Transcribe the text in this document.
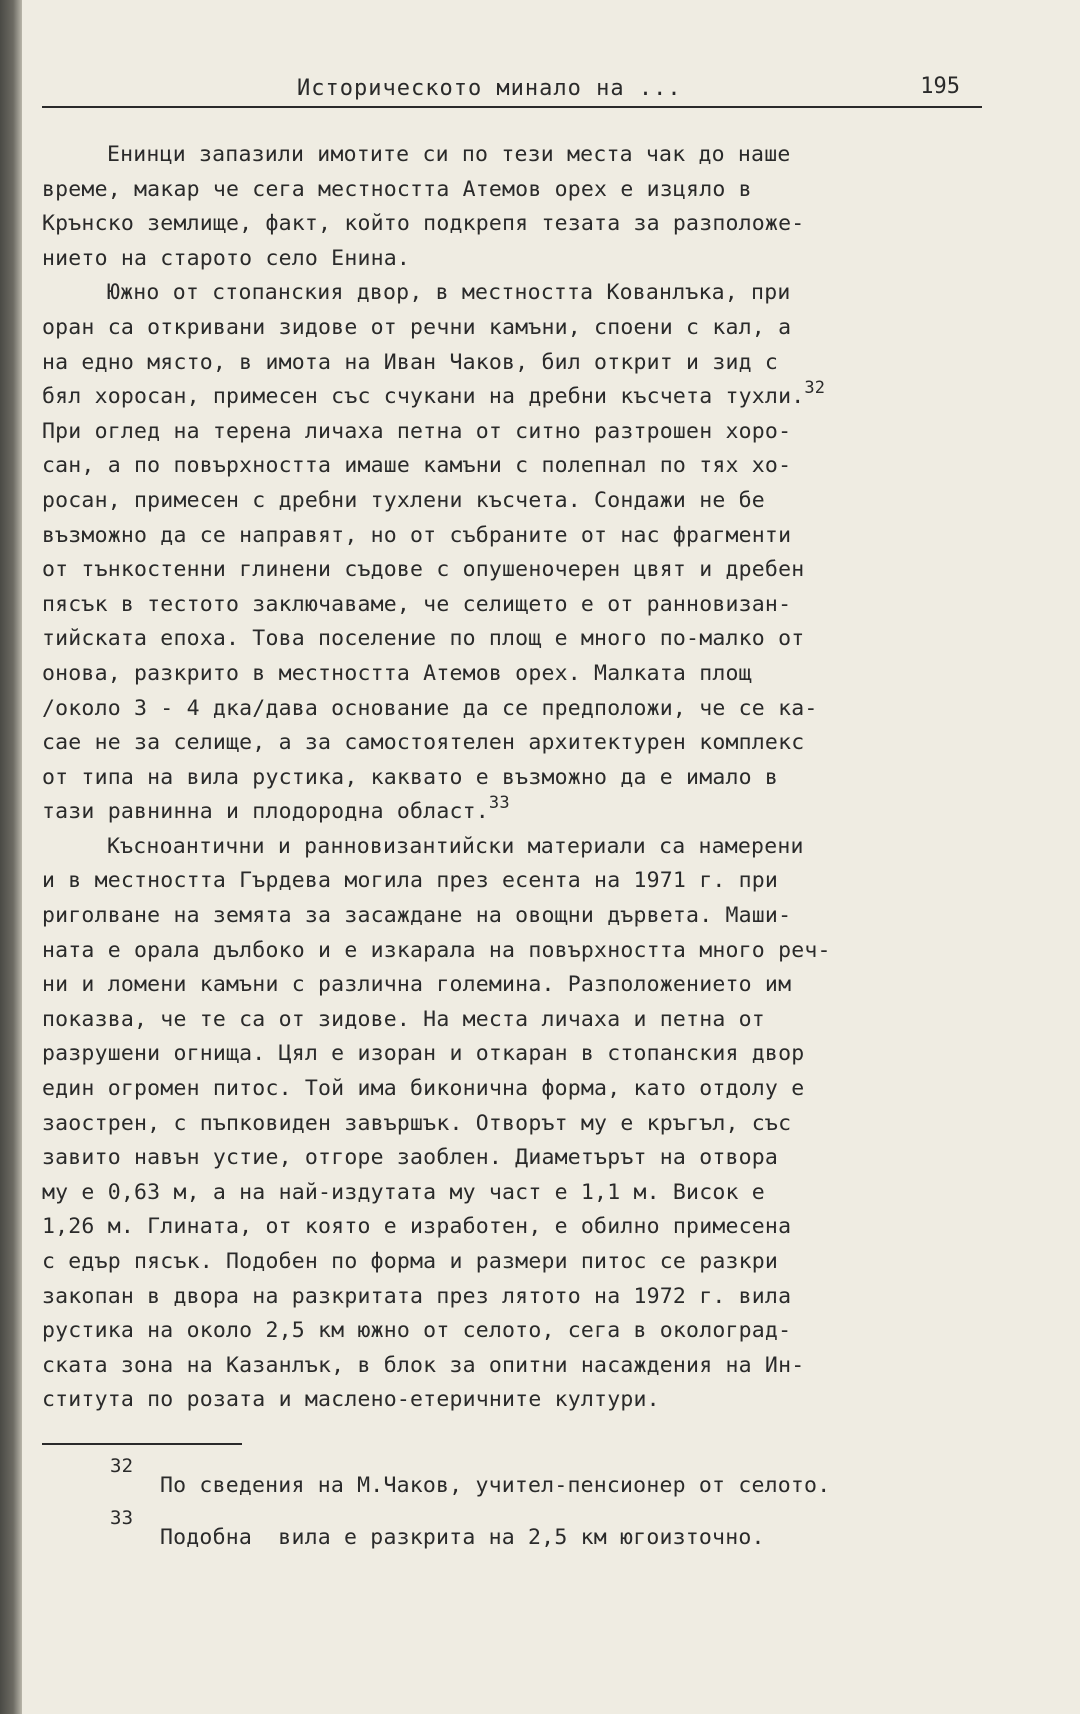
Историческото минало на ...	195
Енинци запазили имотите си по тези места чак до наше
време, макар че сега местността Атемов орех е изцяло в
Крънско землище, факт, който подкрепя тезата за разположе-
нието на старото село Енина.
Южно от стопанския двор, в местността Кованлъка, при
оран са откривани зидове от речни камъни, споени с кал, а
на едно място, в имота на Иван Чаков, бил открит и зид с
бял хоросан, примесен със счукани на дребни късчета тухли.$^{32}$
При оглед на терена личаха петна от ситно разтрошен хоро-
сан, а по повърхността имаше камъни с полепнал по тях хо-
росан, примесен с дребни тухлени късчета. Сондажи не бе
възможно да се направят, но от събраните от нас фрагменти
от тънкостенни глинени съдове с опушеночерен цвят и дребен
пясък в тестото заключаваме, че селището е от ранновизан-
тийската епоха. Това поселение по площ е много по-малко от
онова, разкрито в местността Атемов орех. Малката площ
/около 3 - 4 дка/дава основание да се предположи, че се ка-
сае не за селище, а за самостоятелен архитектурен комплекс
от типа на вила рустика, каквато е възможно да е имало в
тази равнинна и плодородна област.$^{33}$
Късноантични и ранновизантийски материали са намерени
и в местността Гърдева могила през есента на 1971 г. при
риголване на земята за засаждане на овощни дървета. Маши-
ната е орала дълбоко и е изкарала на повърхността много реч-
ни и ломени камъни с различна големина. Разположението им
показва, че те са от зидове. На места личаха и петна от
разрушени огнища. Цял е изоран и откаран в стопанския двор
един огромен питос. Той има биконична форма, като отдолу е
заострен, с пъпковиден завършък. Отворът му е кръгъл, със
завито навън устие, отгоре заоблен. Диаметърът на отвора
му е 0,63 м, а на най-издутата му част е 1,1 м. Висок е
1,26 м. Глината, от която е изработен, е обилно примесена
с едър пясък. Подобен по форма и размери питос се разкри
закопан в двора на разкритата през лятото на 1972 г. вила
рустика на около 2,5 км южно от селото, сега в окологрaд-
ската зона на Казанлък, в блок за опитни насаждения на Ин-
ститута по розата и маслено-етеричните култури.
32
По сведения на М.Чаков, учител-пенсионер от селото.
33
Подобна  вила е разкрита на 2,5 км югоизточно.
